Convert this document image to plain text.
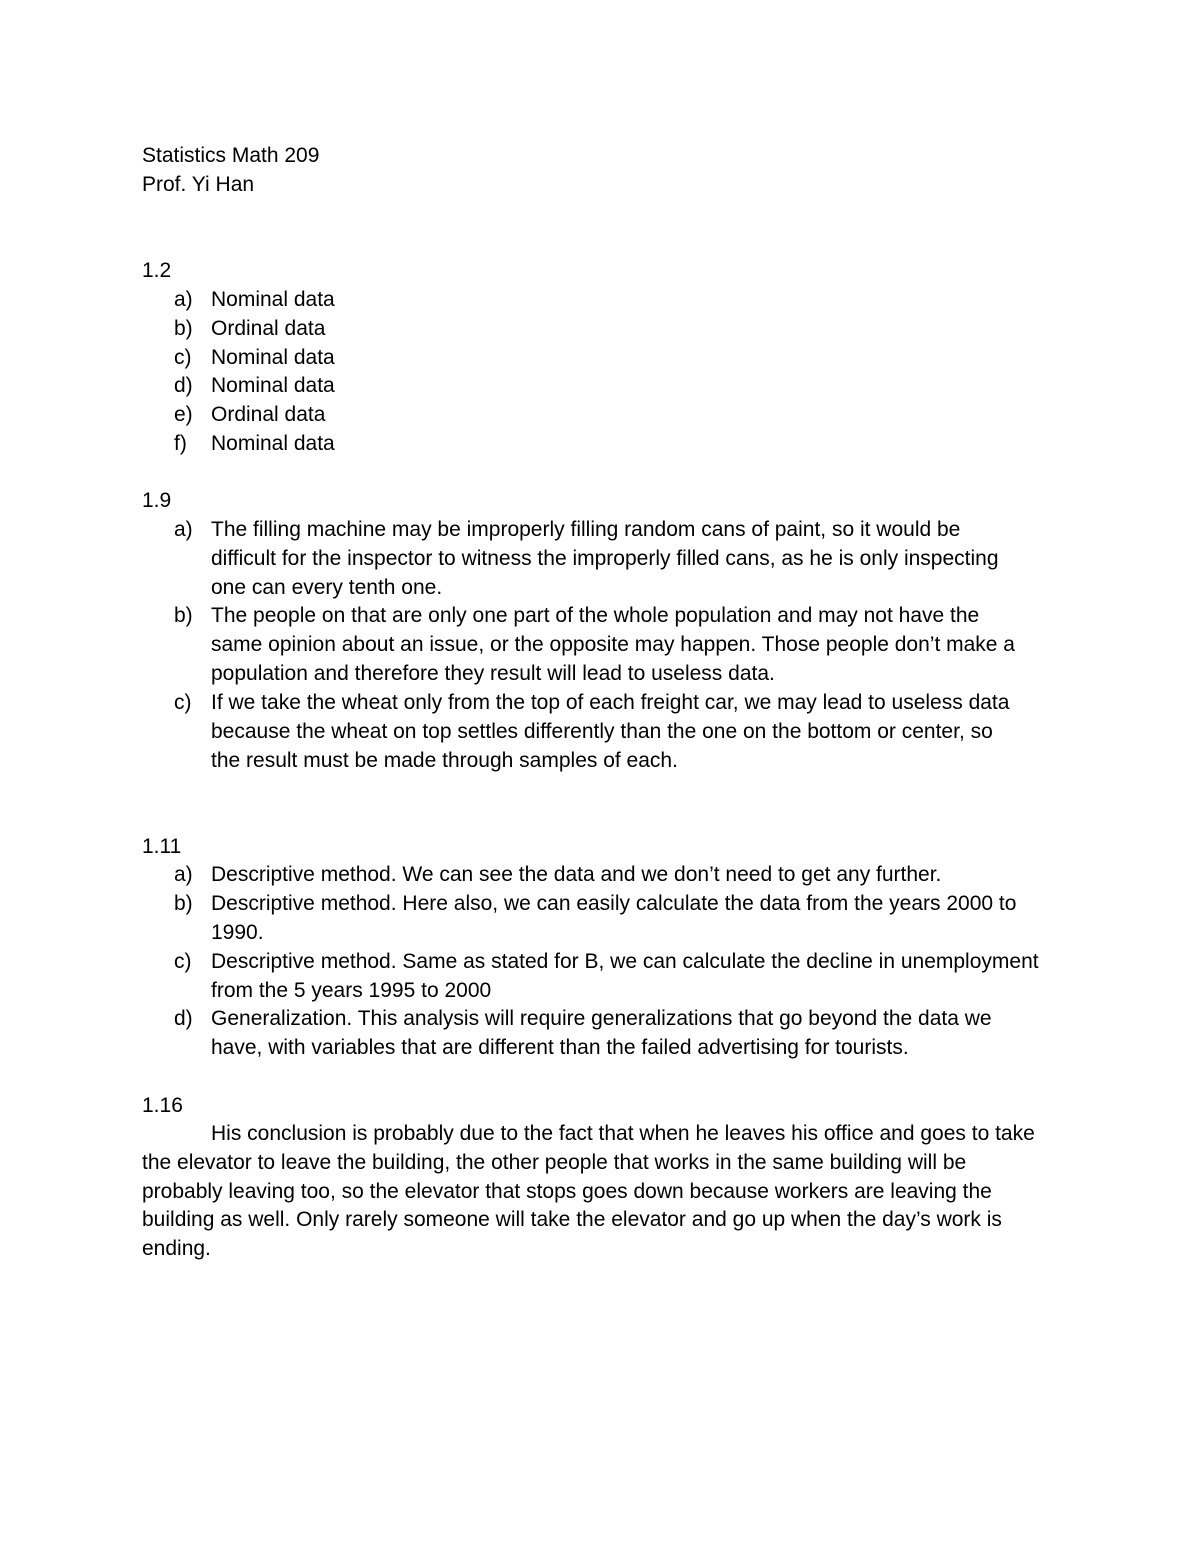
Statistics Math 209
Prof. Yi Han
1.2
a) Nominal data
b) Ordinal data
c) Nominal data
d) Nominal data
e) Ordinal data
f)	Nominal data
1.9
a) The filling machine may be improperly filling random cans of paint, so it would be
difficult for the inspector to witness the improperly filled cans, as he is only inspecting
one can every tenth one.
b) The people on that are only one part of the whole population and may not have the
same opinion about an issue, or the opposite may happen. Those people don’t make a
population and therefore they result will lead to useless data.
c) If we take the wheat only from the top of each freight car, we may lead to useless data
because the wheat on top settles differently than the one on the bottom or center, so
the result must be made through samples of each.
1.11
a) Descriptive method. We can see the data and we don’t need to get any further.
b) Descriptive method. Here also, we can easily calculate the data from the years 2000 to
1990.
c) Descriptive method. Same as stated for B, we can calculate the decline in unemployment
from the 5 years 1995 to 2000
d) Generalization. This analysis will require generalizations that go beyond the data we
have, with variables that are different than the failed advertising for tourists.
1.16
His conclusion is probably due to the fact that when he leaves his office and goes to take
the elevator to leave the building, the other people that works in the same building will be
probably leaving too, so the elevator that stops goes down because workers are leaving the
building as well. Only rarely someone will take the elevator and go up when the day’s work is
ending.
